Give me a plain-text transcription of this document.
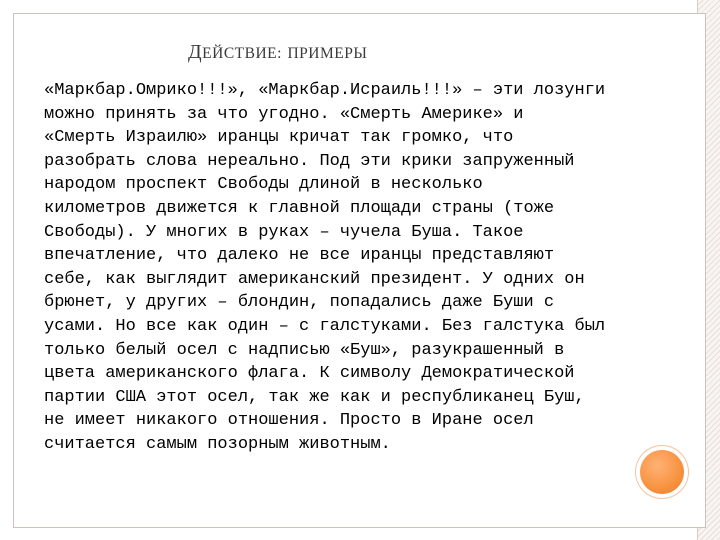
ДЕЙСТВИЕ: ПРИМЕРЫ
«Маркбар.Омрико!!!», «Маркбар.Исраиль!!!» – эти лозунги
можно принять за что угодно. «Смерть Америке» и
«Смерть Израилю» иранцы кричат так громко, что
разобрать слова нереально. Под эти крики запруженный
народом проспект Свободы длиной в несколько
километров движется к главной площади страны (тоже
Свободы). У многих в руках – чучела Буша. Такое
впечатление, что далеко не все иранцы представляют
себе, как выглядит американский президент. У одних он
брюнет, у других – блондин, попадались даже Буши с
усами. Но все как один – с галстуками. Без галстука был
только белый осел с надписью «Буш», разукрашенный в
цвета американского флага. К символу Демократической
партии США этот осел, так же как и республиканец Буш,
не имеет никакого отношения. Просто в Иране осел
считается самым позорным животным.
